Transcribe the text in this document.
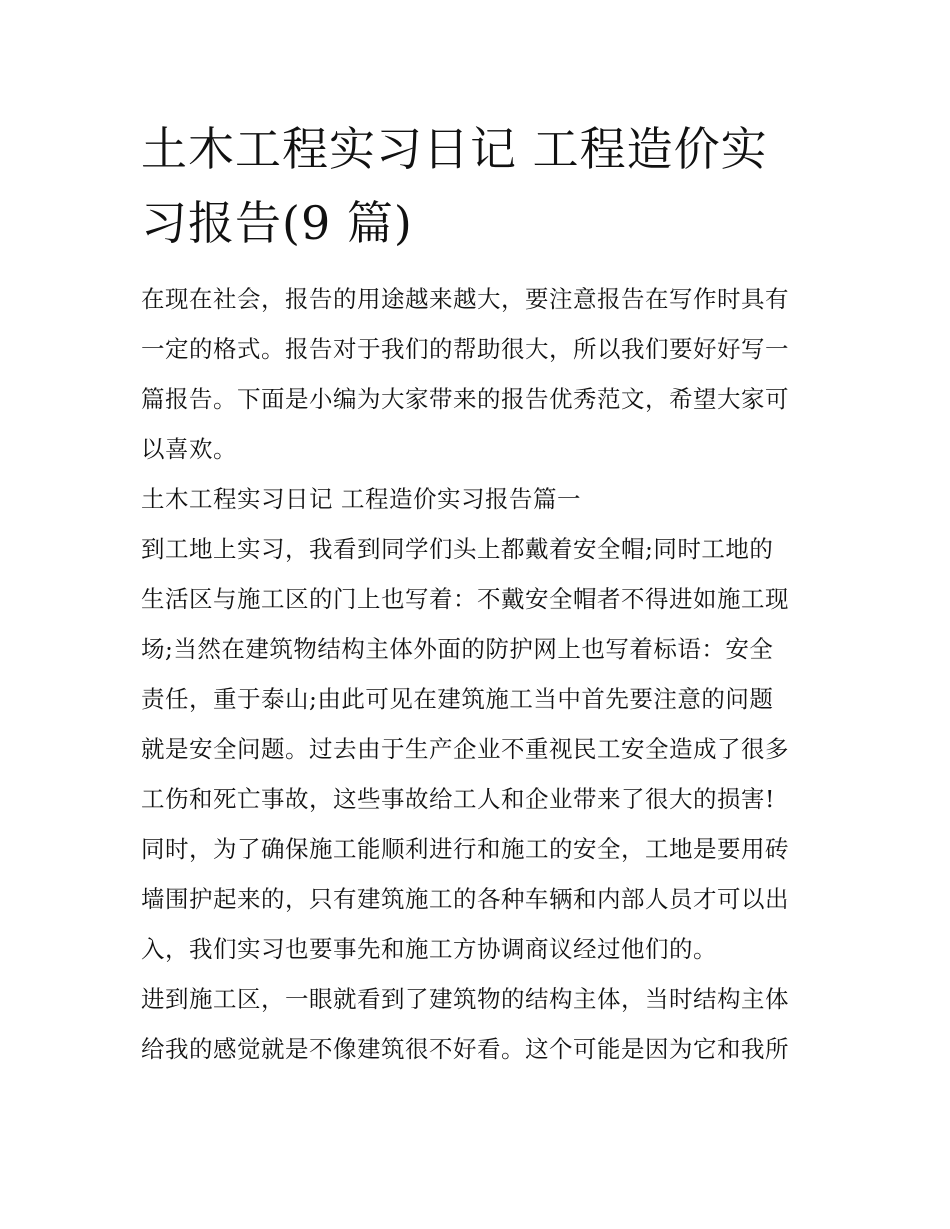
土木工程实习日记 工程造价实
习报告(9 篇)

在现在社会，报告的用途越来越大，要注意报告在写作时具有
一定的格式。报告对于我们的帮助很大，所以我们要好好写一
篇报告。下面是小编为大家带来的报告优秀范文，希望大家可
以喜欢。

土木工程实习日记 工程造价实习报告篇一

到工地上实习，我看到同学们头上都戴着安全帽;同时工地的
生活区与施工区的门上也写着：不戴安全帽者不得进如施工现
场;当然在建筑物结构主体外面的防护网上也写着标语：安全
责任，重于泰山;由此可见在建筑施工当中首先要注意的问题
就是安全问题。过去由于生产企业不重视民工安全造成了很多
工伤和死亡事故，这些事故给工人和企业带来了很大的损害!
同时，为了确保施工能顺利进行和施工的安全，工地是要用砖
墙围护起来的，只有建筑施工的各种车辆和内部人员才可以出
入，我们实习也要事先和施工方协调商议经过他们的。

进到施工区，一眼就看到了建筑物的结构主体，当时结构主体
给我的感觉就是不像建筑很不好看。这个可能是因为它和我所
